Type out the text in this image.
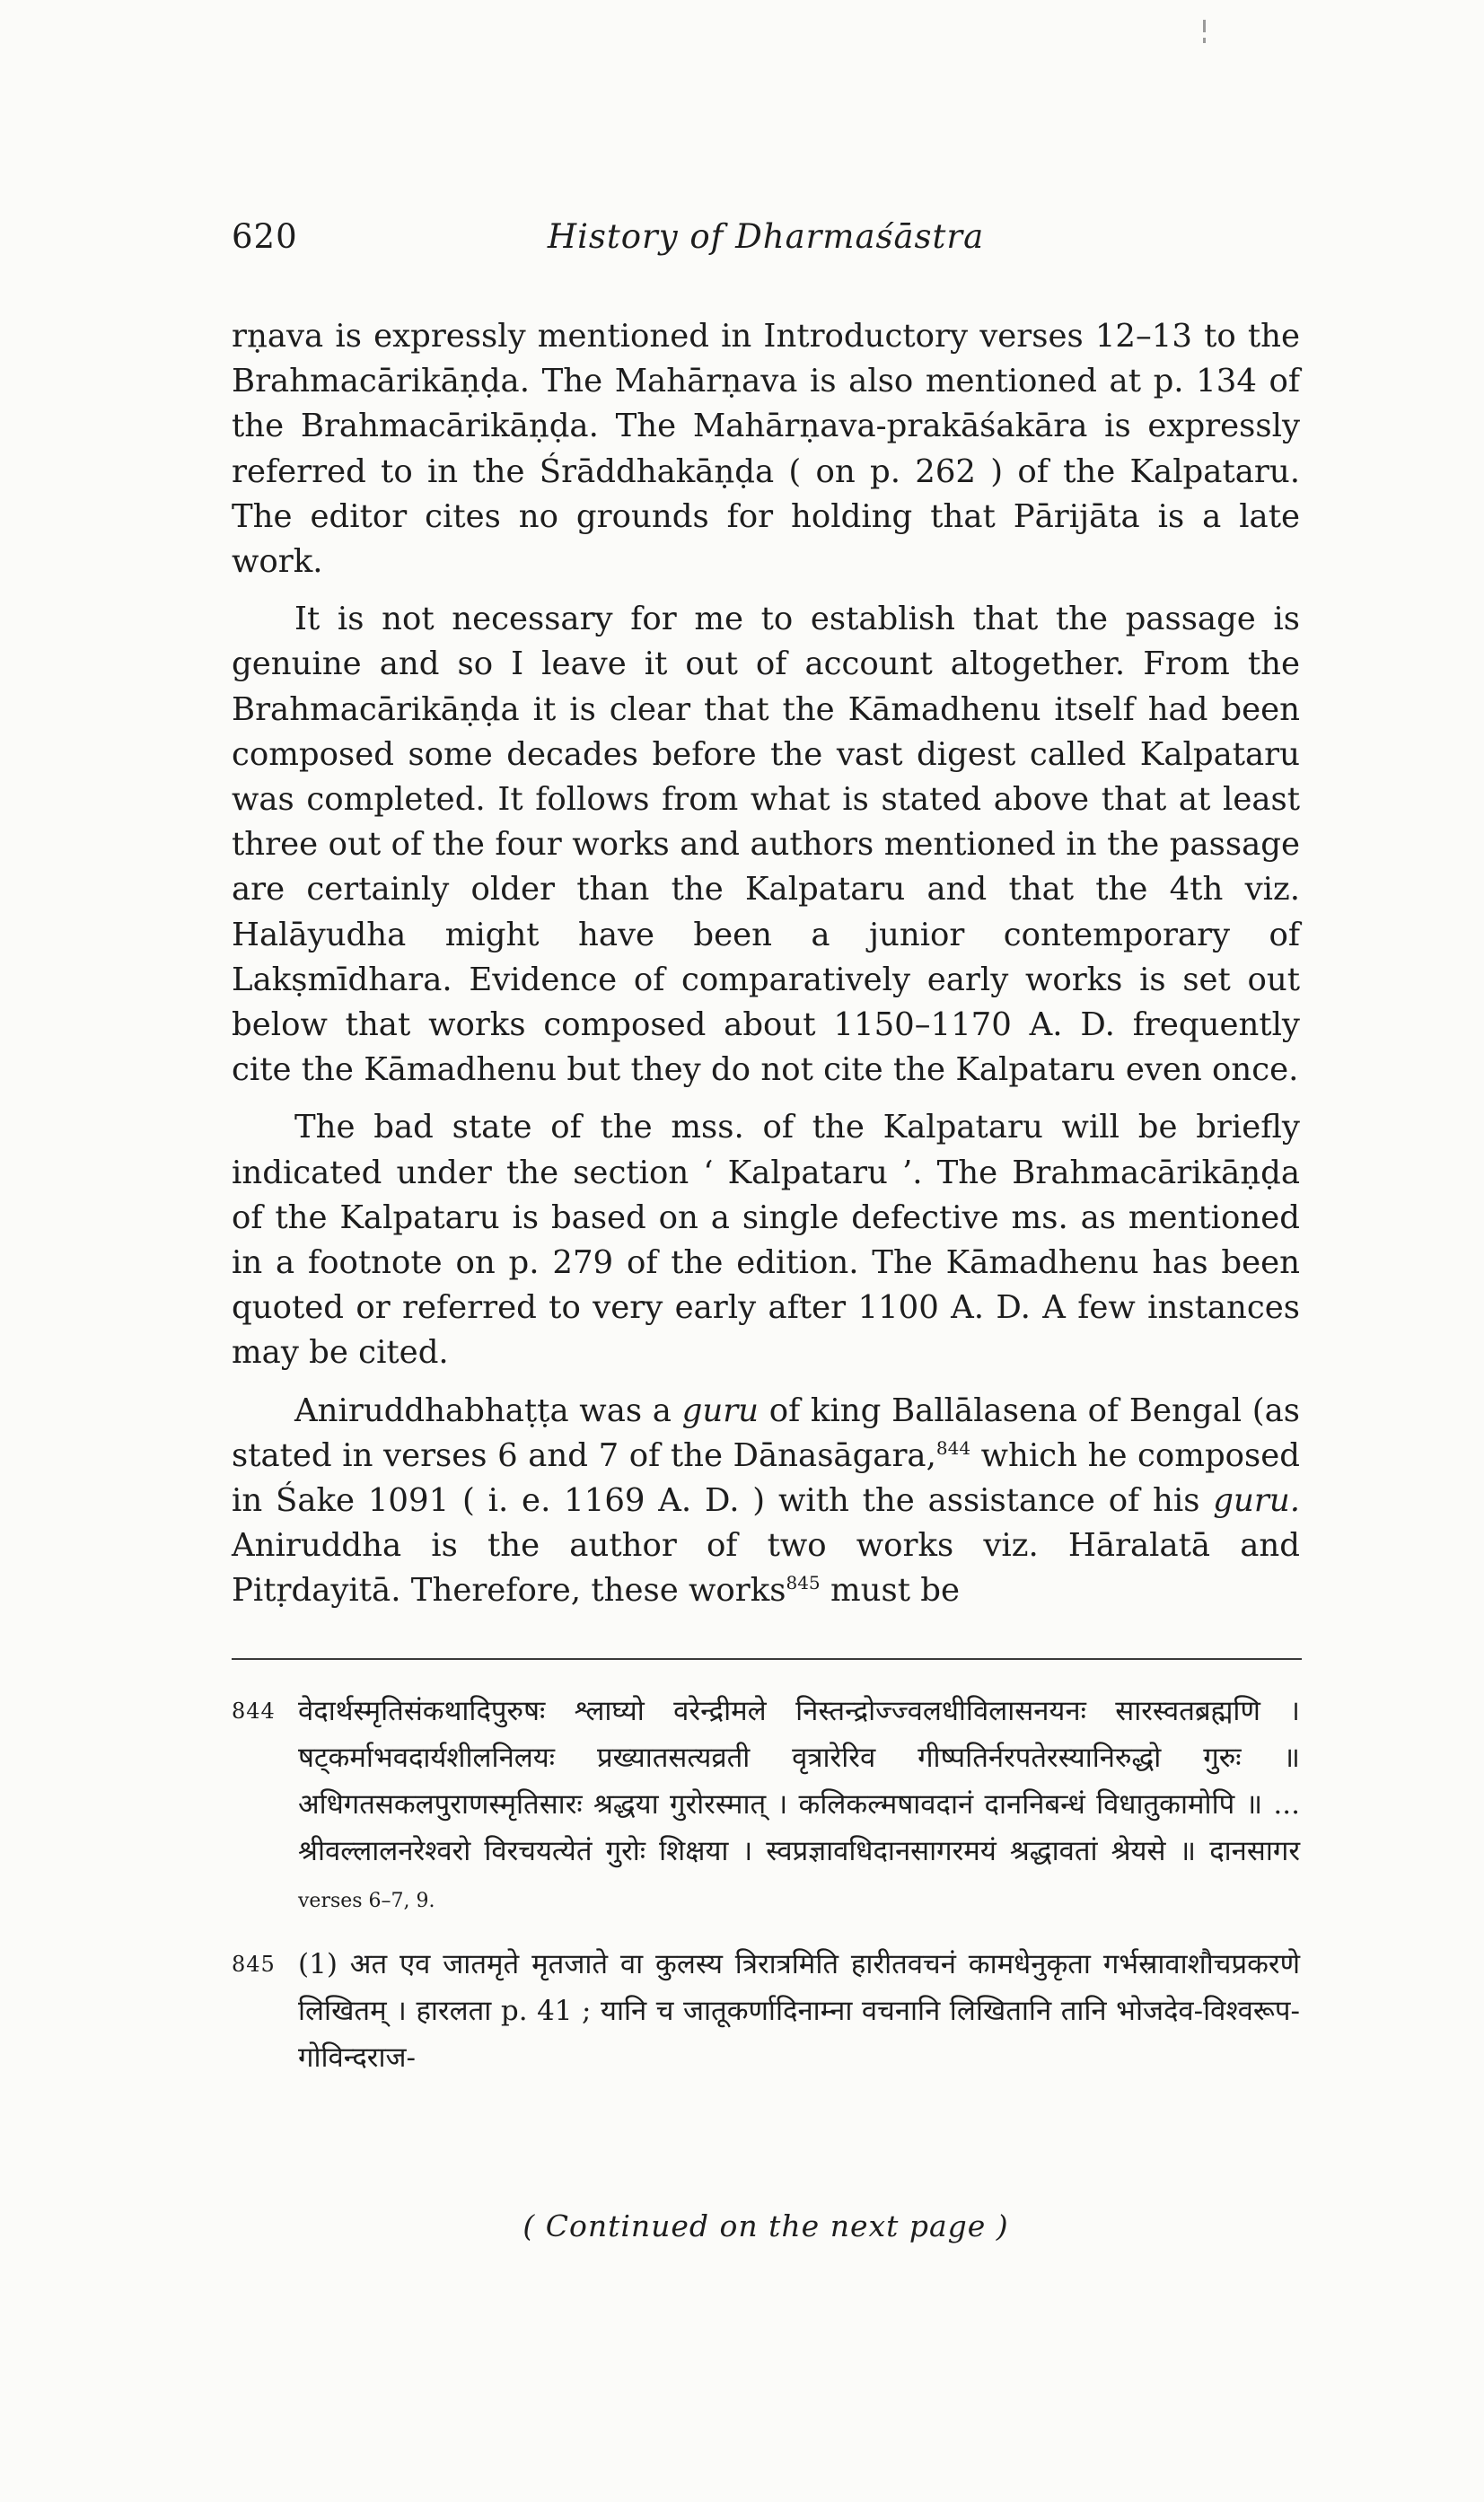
620	History of Dharmaśāstra

rṇava is expressly mentioned in Introductory verses 12–13 to the Brahmacārikāṇḍa. The Mahārṇava is also mentioned at p. 134 of the Brahmacārikāṇḍa. The Mahārṇava-prakāśakāra is expressly referred to in the Śrāddhakāṇḍa ( on p. 262 ) of the Kalpataru. The editor cites no grounds for holding that Pārijāta is a late work.

It is not necessary for me to establish that the passage is genuine and so I leave it out of account altogether. From the Brahmacārikāṇḍa it is clear that the Kāmadhenu itself had been composed some decades before the vast digest called Kalpataru was completed. It follows from what is stated above that at least three out of the four works and authors mentioned in the passage are certainly older than the Kalpataru and that the 4th viz. Halāyudha might have been a junior contemporary of Lakṣmīdhara. Evidence of comparatively early works is set out below that works composed about 1150–1170 A. D. frequently cite the Kāmadhenu but they do not cite the Kalpataru even once.

The bad state of the mss. of the Kalpataru will be briefly indicated under the section ‘ Kalpataru ’. The Brahmacārikāṇḍa of the Kalpataru is based on a single defective ms. as mentioned in a footnote on p. 279 of the edition. The Kāmadhenu has been quoted or referred to very early after 1100 A. D. A few instances may be cited.

Aniruddhabhaṭṭa was a guru of king Ballālasena of Bengal (as stated in verses 6 and 7 of the Dānasāgara,$^{844}$ which he composed in Śake 1091 ( i. e. 1169 A. D. ) with the assistance of his guru. Aniruddha is the author of two works viz. Hāralatā and Pitṛdayitā. Therefore, these works$^{845}$ must be

844 वेदार्थस्मृतिसंकथादिपुरुषः श्लाघ्यो वरेन्द्रीमले निस्तन्द्रोज्ज्वलधीविलासनयनः सारस्वतब्रह्मणि । षट्कर्माभवदार्यशीलनिलयः प्रख्यातसत्यव्रती वृत्रारेरिव गीष्पतिर्नरपतेरस्यानिरुद्धो गुरुः ॥ अधिगतसकलपुराणस्मृतिसारः श्रद्धया गुरोरस्मात् । कलिकल्मषावदानं दाननिबन्धं विधातुकामोपि ॥ ... श्रीवल्लालनरेश्वरो विरचयत्येतं गुरोः शिक्षया । स्वप्रज्ञावधिदानसागरमयं श्रद्धावतां श्रेयसे ॥ दानसागर verses 6–7, 9.

845 (1) अत एव जातमृते मृतजाते वा कुलस्य त्रिरात्रमिति हारीतवचनं कामधेनुकृता गर्भस्रावाशौचप्रकरणे लिखितम् । हारलता p. 41 ; यानि च जातूकर्णादिनाम्ना वचनानि लिखितानि तानि भोजदेव-विश्वरूप-गोविन्दराज-

( Continued on the next page )
